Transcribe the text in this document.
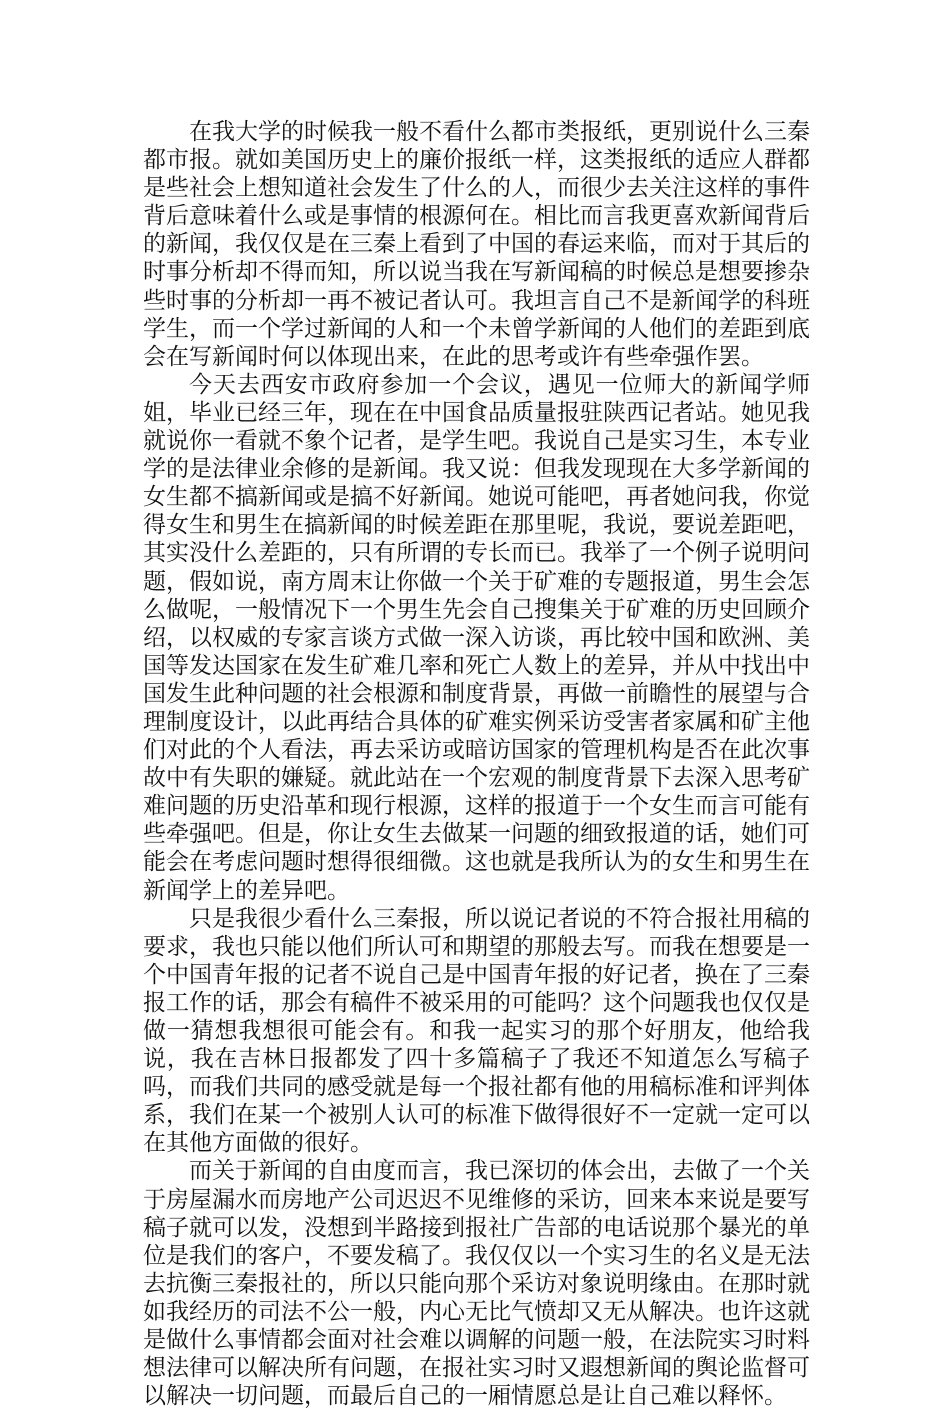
在我大学的时候我一般不看什么都市类报纸，更别说什么三秦都市报。就如美国历史上的廉价报纸一样，这类报纸的适应人群都是些社会上想知道社会发生了什么的人，而很少去关注这样的事件背后意味着什么或是事情的根源何在。相比而言我更喜欢新闻背后的新闻，我仅仅是在三秦上看到了中国的春运来临，而对于其后的时事分析却不得而知，所以说当我在写新闻稿的时候总是想要掺杂些时事的分析却一再不被记者认可。我坦言自己不是新闻学的科班学生，而一个学过新闻的人和一个未曾学新闻的人他们的差距到底会在写新闻时何以体现出来，在此的思考或许有些牵强作罢。

今天去西安市政府参加一个会议，遇见一位师大的新闻学师姐，毕业已经三年，现在在中国食品质量报驻陕西记者站。她见我就说你一看就不象个记者，是学生吧。我说自己是实习生，本专业学的是法律业余修的是新闻。我又说：但我发现现在大多学新闻的女生都不搞新闻或是搞不好新闻。她说可能吧，再者她问我，你觉得女生和男生在搞新闻的时候差距在那里呢，我说，要说差距吧，其实没什么差距的，只有所谓的专长而已。我举了一个例子说明问题，假如说，南方周末让你做一个关于矿难的专题报道，男生会怎么做呢，一般情况下一个男生先会自己搜集关于矿难的历史回顾介绍，以权威的专家言谈方式做一深入访谈，再比较中国和欧洲、美国等发达国家在发生矿难几率和死亡人数上的差异，并从中找出中国发生此种问题的社会根源和制度背景，再做一前瞻性的展望与合理制度设计，以此再结合具体的矿难实例采访受害者家属和矿主他们对此的个人看法，再去采访或暗访国家的管理机构是否在此次事故中有失职的嫌疑。就此站在一个宏观的制度背景下去深入思考矿难问题的历史沿革和现行根源，这样的报道于一个女生而言可能有些牵强吧。但是，你让女生去做某一问题的细致报道的话，她们可能会在考虑问题时想得很细微。这也就是我所认为的女生和男生在新闻学上的差异吧。

只是我很少看什么三秦报，所以说记者说的不符合报社用稿的要求，我也只能以他们所认可和期望的那般去写。而我在想要是一个中国青年报的记者不说自己是中国青年报的好记者，换在了三秦报工作的话，那会有稿件不被采用的可能吗？这个问题我也仅仅是做一猜想我想很可能会有。和我一起实习的那个好朋友，他给我说，我在吉林日报都发了四十多篇稿子了我还不知道怎么写稿子吗，而我们共同的感受就是每一个报社都有他的用稿标准和评判体系，我们在某一个被别人认可的标准下做得很好不一定就一定可以在其他方面做的很好。

而关于新闻的自由度而言，我已深切的体会出，去做了一个关于房屋漏水而房地产公司迟迟不见维修的采访，回来本来说是要写稿子就可以发，没想到半路接到报社广告部的电话说那个暴光的单位是我们的客户，不要发稿了。我仅仅以一个实习生的名义是无法去抗衡三秦报社的，所以只能向那个采访对象说明缘由。在那时就如我经历的司法不公一般，内心无比气愤却又无从解决。也许这就是做什么事情都会面对社会难以调解的问题一般，在法院实习时料想法律可以解决所有问题，在报社实习时又遐想新闻的舆论监督可以解决一切问题，而最后自己的一厢情愿总是让自己难以释怀。
